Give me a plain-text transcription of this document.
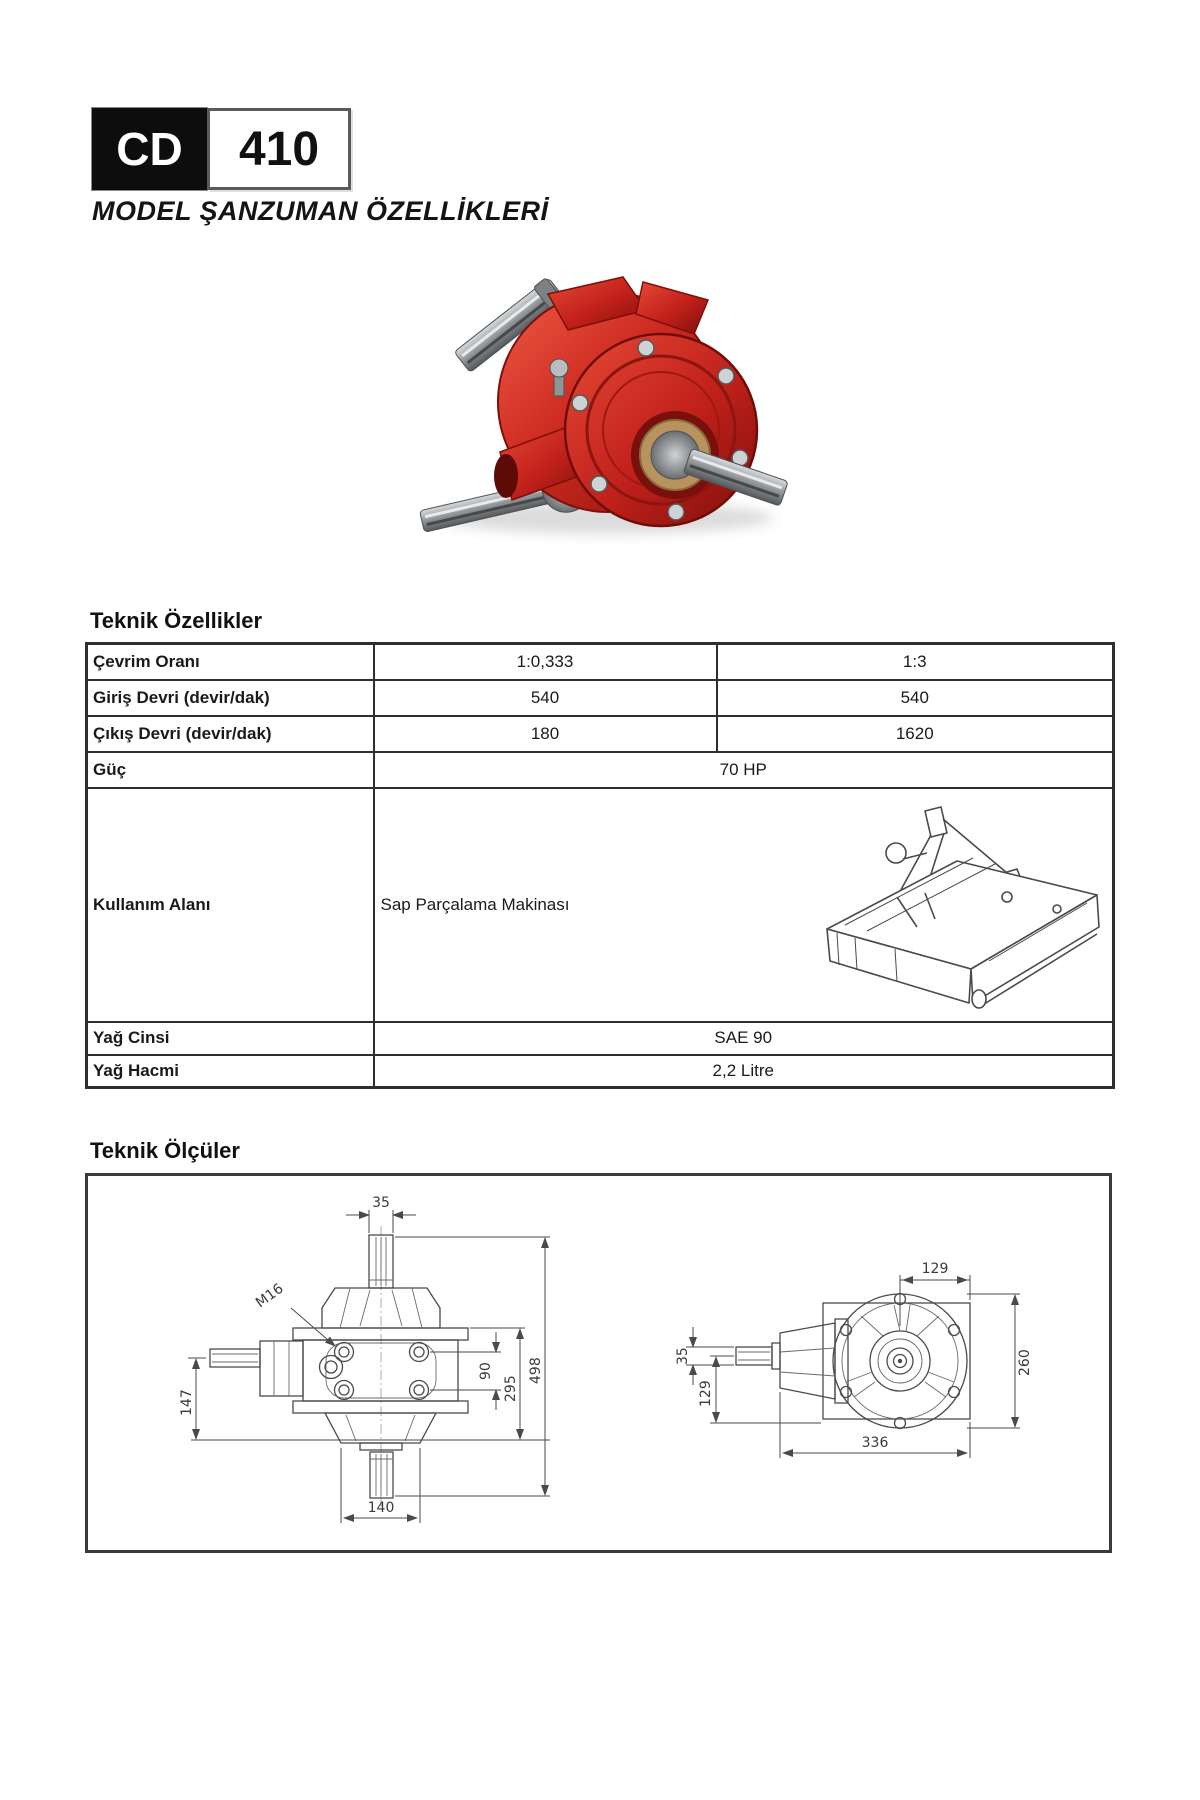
CD	410
MODEL ŞANZUMAN ÖZELLİKLERİ
Teknik Özellikler
Çevrim Oranı	1:0,333	1:3
Giriş Devri (devir/dak)	540	540
Çıkış Devri (devir/dak)	180	1620
Güç	70 HP	
Kullanım Alanı	Sap Parçalama Makinası	

Yağ Cinsi	SAE 90	
Yağ Hacmi	2,2 Litre	
Teknik Ölçüler
35
M16
147
140
90
295
498
129
35
129
260
336
